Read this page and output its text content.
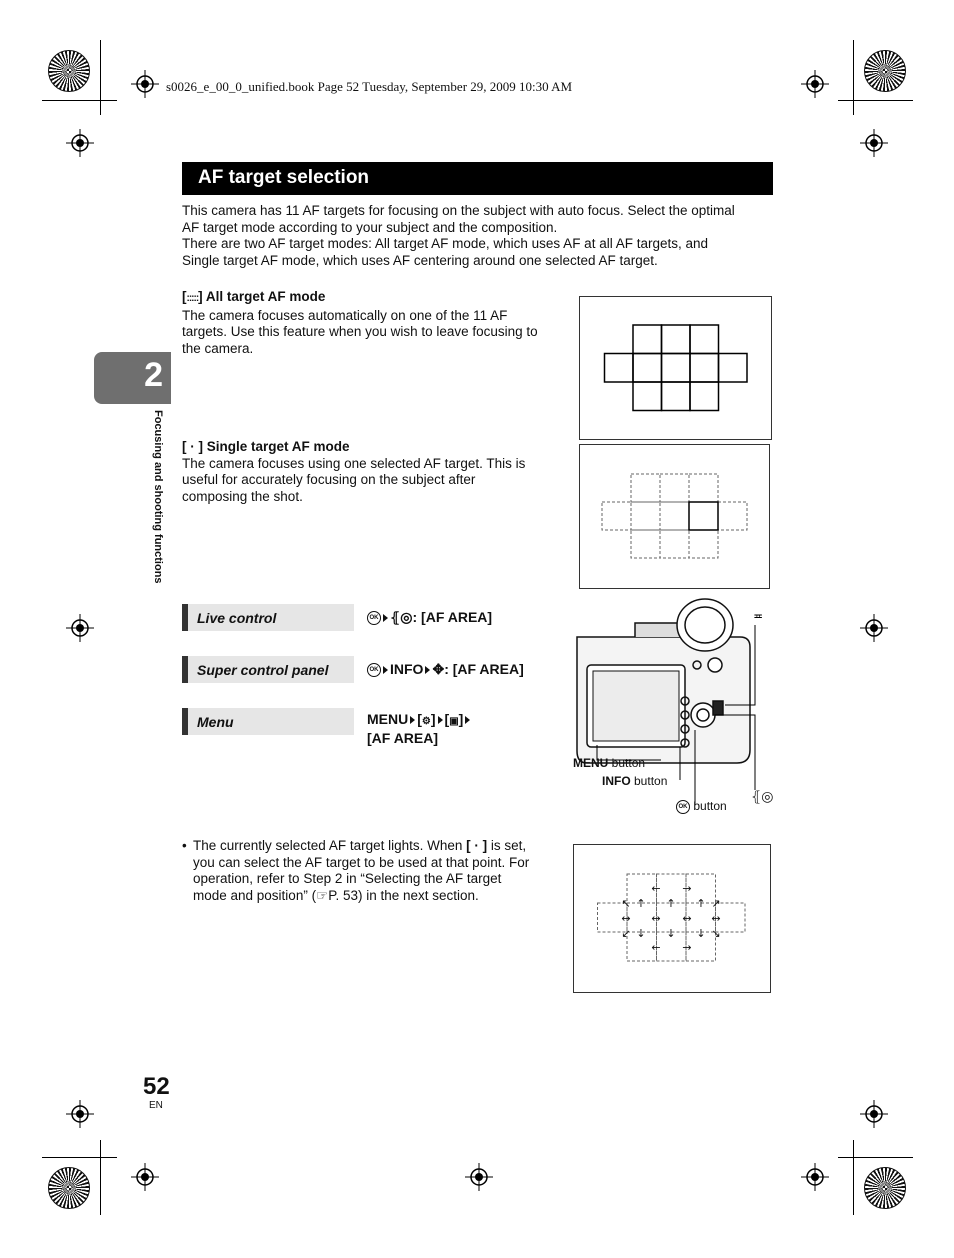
s0026_e_00_0_unified.book Page 52 Tuesday, September 29, 2009 10:30 AM
2
Focusing and shooting functions
AF target selection
This camera has 11 AF targets for focusing on the subject with auto focus. Select the optimal
AF target mode according to your subject and the composition.
There are two AF target modes: All target AF mode, which uses AF at all AF targets, and
Single target AF mode, which uses AF centering around one selected AF target.
[:::::] All target AF mode
The camera focuses automatically on one of the 11 AF
targets. Use this feature when you wish to leave focusing to
the camera.
[ · ] Single target AF mode
The camera focuses using one selected AF target. This is
useful for accurately focusing on the subject after
composing the shot.
Live control	OK ​⦃◎: [AF AREA]
Super control panel	OK INFO ✥: [AF AREA]
Menu	MENU [⚙] [▣]
[AF AREA]
≖
MENU button
INFO button
OK button
⦃◎
• The currently selected AF target lights. When [ · ] is set,
you can select the AF target to be used at that point. For
operation, refer to Step 2 in “Selecting the AF target
mode and position” (☞P. 53) in the next section.	← →
↖ ↑ ↑ ↑ ↗
↔ ↔ ↔ ↔
↙ ↓ ↓ ↓ ↘
← →
52
EN
